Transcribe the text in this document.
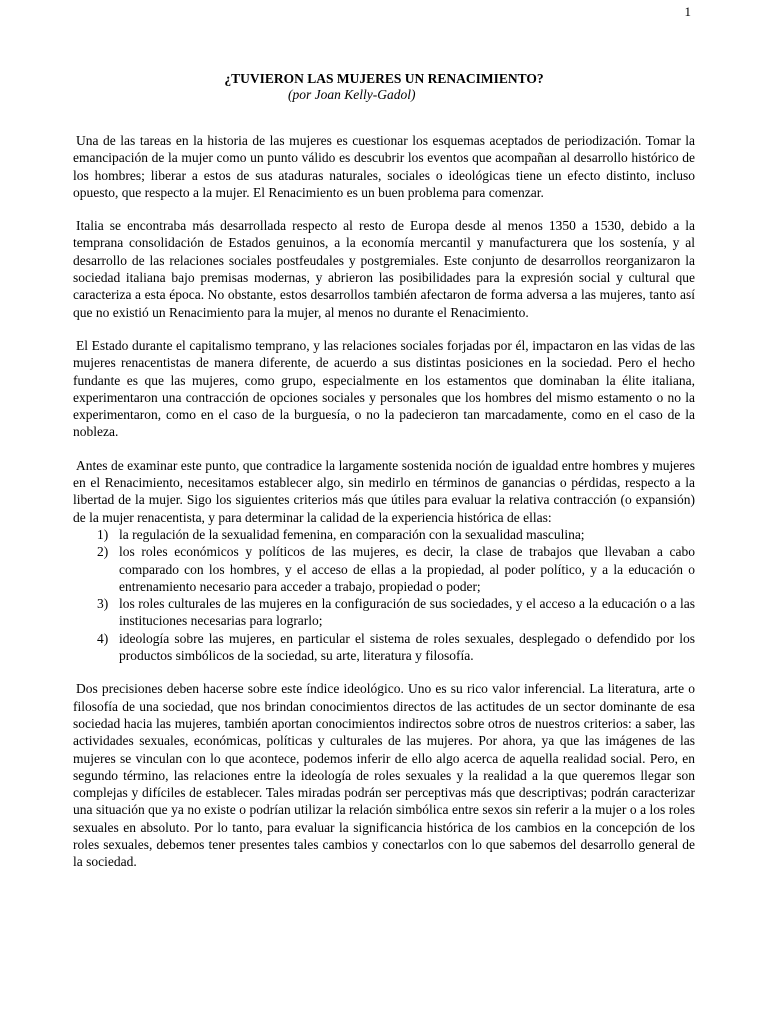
1
¿TUVIERON LAS MUJERES UN RENACIMIENTO?
(por Joan Kelly-Gadol)

Una de las tareas en la historia de las mujeres es cuestionar los esquemas aceptados de periodización. Tomar la emancipación de la mujer como un punto válido es descubrir los eventos que acompañan al desarrollo histórico de los hombres; liberar a estos de sus ataduras naturales, sociales o ideológicas tiene un efecto distinto, incluso opuesto, que respecto a la mujer. El Renacimiento es un buen problema para comenzar.

Italia se encontraba más desarrollada respecto al resto de Europa desde al menos 1350 a 1530, debido a la temprana consolidación de Estados genuinos, a la economía mercantil y manufacturera que los sostenía, y al desarrollo de las relaciones sociales postfeudales y postgremiales. Este conjunto de desarrollos reorganizaron la sociedad italiana bajo premisas modernas, y abrieron las posibilidades para la expresión social y cultural que caracteriza a esta época. No obstante, estos desarrollos también afectaron de forma adversa a las mujeres, tanto así que no existió un Renacimiento para la mujer, al menos no durante el Renacimiento.

El Estado durante el capitalismo temprano, y las relaciones sociales forjadas por él, impactaron en las vidas de las mujeres renacentistas de manera diferente, de acuerdo a sus distintas posiciones en la sociedad. Pero el hecho fundante es que las mujeres, como grupo, especialmente en los estamentos que dominaban la élite italiana, experimentaron una contracción de opciones sociales y personales que los hombres del mismo estamento o no la experimentaron, como en el caso de la burguesía, o no la padecieron tan marcadamente, como en el caso de la nobleza.

Antes de examinar este punto, que contradice la largamente sostenida noción de igualdad entre hombres y mujeres en el Renacimiento, necesitamos establecer algo, sin medirlo en términos de ganancias o pérdidas, respecto a la libertad de la mujer. Sigo los siguientes criterios más que útiles para evaluar la relativa contracción (o expansión) de la mujer renacentista, y para determinar la calidad de la experiencia histórica de ellas:

1) la regulación de la sexualidad femenina, en comparación con la sexualidad masculina;
2) los roles económicos y políticos de las mujeres, es decir, la clase de trabajos que llevaban a cabo comparado con los hombres, y el acceso de ellas a la propiedad, al poder político, y a la educación o entrenamiento necesario para acceder a trabajo, propiedad o poder;
3) los roles culturales de las mujeres en la configuración de sus sociedades, y el acceso a la educación o a las instituciones necesarias para lograrlo;
4) ideología sobre las mujeres, en particular el sistema de roles sexuales, desplegado o defendido por los productos simbólicos de la sociedad, su arte, literatura y filosofía.

Dos precisiones deben hacerse sobre este índice ideológico. Uno es su rico valor inferencial. La literatura, arte o filosofía de una sociedad, que nos brindan conocimientos directos de las actitudes de un sector dominante de esa sociedad hacia las mujeres, también aportan conocimientos indirectos sobre otros de nuestros criterios: a saber, las actividades sexuales, económicas, políticas y culturales de las mujeres. Por ahora, ya que las imágenes de las mujeres se vinculan con lo que acontece, podemos inferir de ello algo acerca de aquella realidad social. Pero, en segundo término, las relaciones entre la ideología de roles sexuales y la realidad a la que queremos llegar son complejas y difíciles de establecer. Tales miradas podrán ser perceptivas más que descriptivas; podrán caracterizar una situación que ya no existe o podrían utilizar la relación simbólica entre sexos sin referir a la mujer o a los roles sexuales en absoluto. Por lo tanto, para evaluar la significancia histórica de los cambios en la concepción de los roles sexuales, debemos tener presentes tales cambios y conectarlos con lo que sabemos del desarrollo general de la sociedad.
